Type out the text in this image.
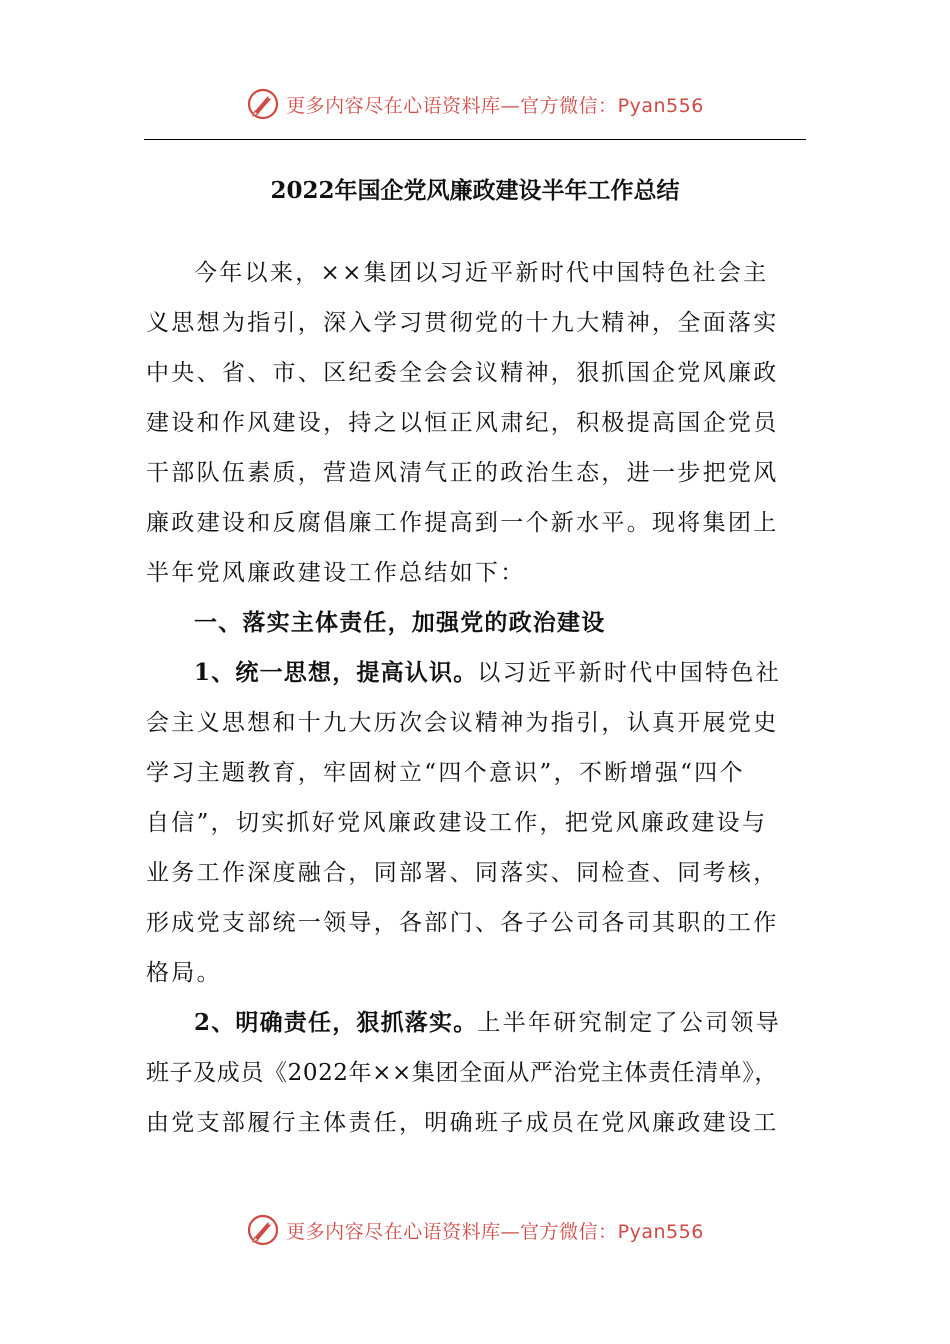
更多内容尽在心语资料库—官方微信：Pyan556
2022年国企党风廉政建设半年工作总结
今年以来，××集团以习近平新时代中国特色社会主
义思想为指引，深入学习贯彻党的十九大精神，全面落实
中央、省、市、区纪委全会会议精神，狠抓国企党风廉政
建设和作风建设，持之以恒正风肃纪，积极提高国企党员
干部队伍素质，营造风清气正的政治生态，进一步把党风
廉政建设和反腐倡廉工作提高到一个新水平。现将集团上
半年党风廉政建设工作总结如下：
一、落实主体责任，加强党的政治建设
1、统一思想，提高认识。以习近平新时代中国特色社
会主义思想和十九大历次会议精神为指引，认真开展党史
学习主题教育，牢固树立“四个意识”，不断增强“四个
自信”，切实抓好党风廉政建设工作，把党风廉政建设与
业务工作深度融合，同部署、同落实、同检查、同考核，
形成党支部统一领导，各部门、各子公司各司其职的工作
格局。
2、明确责任，狠抓落实。上半年研究制定了公司领导
班子及成员《2022年××集团全面从严治党主体责任清单》，
由党支部履行主体责任，明确班子成员在党风廉政建设工
更多内容尽在心语资料库—官方微信：Pyan556
